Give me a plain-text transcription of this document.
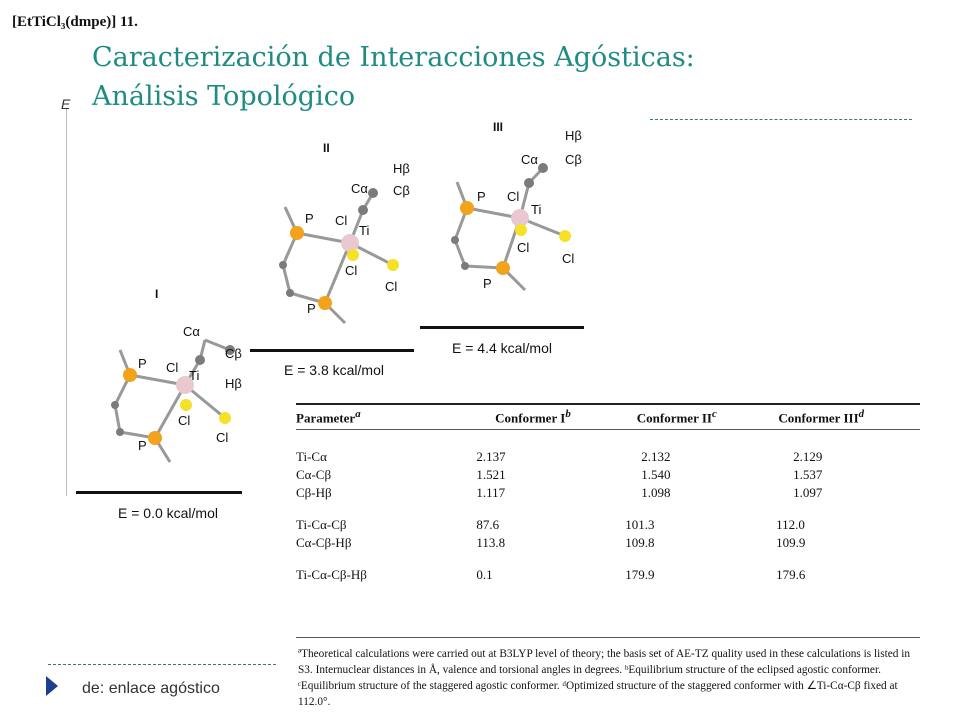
[EtTiCl₃(dmpe)] 11.
Caracterización de Interacciones Agósticas:
Análisis Topológico
E
I
P
P
Cl
Ti
Cl
Cl
Cα
Cβ
Hβ
E = 0.0 kcal/mol
II
P
P
Cl
Ti
Cl
Cl
Cα
Hβ
Cβ
E = 3.8 kcal/mol
III
P
P
Cl
Ti
Cl
Cl
Cα
Hβ
Cβ
E = 4.4 kcal/mol
Parameter$^a$	Conformer $I^b$	Conformer $II^c$	Conformer III$^d$
Ti-Cα	2.137	2.132	2.129
Cα-Cβ	1.521	1.540	1.537
Cβ-Hβ	1.117	1.098	1.097

Ti-Cα-Cβ	87.6	101.3	112.0
Cα-Cβ-Hβ	113.8	109.8	109.9

Ti-Cα-Cβ-Hβ	0.1	179.9	179.6
ªTheoretical calculations were carried out at B3LYP level of theory; the basis set of AE-TZ quality used in these calculations is listed in S3. Internuclear distances in Å, valence and torsional angles in degrees. ᵇEquilibrium structure of the eclipsed agostic conformer. ᶜEquilibrium structure of the staggered agostic conformer. ᵈOptimized structure of the staggered conformer with ∠Ti-Cα-Cβ fixed at 112.0°.
de: enlace agóstico
